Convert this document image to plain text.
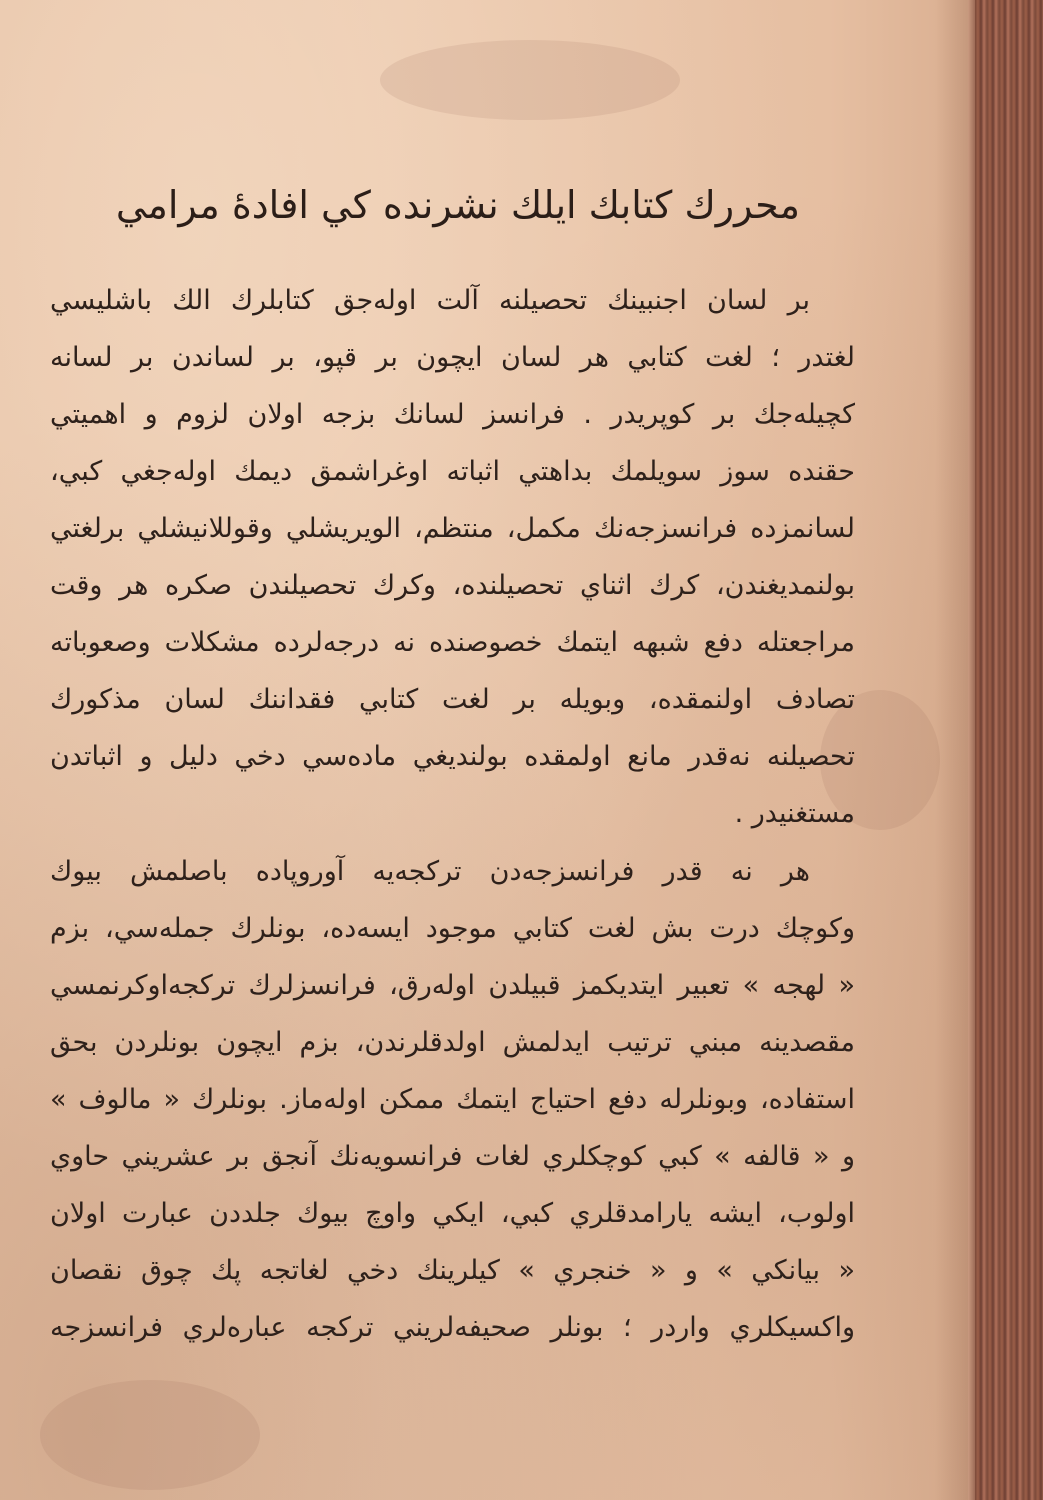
محررك كتابك ايلك نشرنده كي افادهٔ مرامي
بر لسان اجنبينك تحصيلنه آلت اوله‌جق كتابلرك الك باشليسي
لغتدر ؛ لغت كتابي هر لسان ايچون بر قپو، بر لساندن بر لسانه
كچيله‌جك بر كوپريدر . فرانسز لسانك بزجه اولان لزوم و اهميتي
حقنده سوز سويلمك بداهتي اثباته اوغراشمق ديمك اوله‌جغي كبي،
لسانمزده فرانسزجه‌نك مكمل، منتظم، الويريشلي وقوللانيشلي برلغتي
بولنمديغندن، كرك اثناي تحصيلنده، وكرك تحصيلندن صكره هر وقت
مراجعتله دفع شبهه ايتمك خصوصنده نه درجه‌لرده مشكلات وصعوباته
تصادف اولنمقده، وبويله بر لغت كتابي فقداننك لسان مذكورك
تحصيلنه نه‌قدر مانع اولمقده بولنديغي ماده‌سي دخي دليل و اثباتدن
مستغنيدر .
هر نه قدر فرانسزجه‌دن تركجه‌يه آوروپاده باصلمش بيوك
وكوچك درت بش لغت كتابي موجود ايسه‌ده، بونلرك جمله‌سي، بزم
« لهجه » تعبير ايتديكمز قبيلدن اوله‌رق، فرانسزلرك تركجه‌اوكرنمسي
مقصدينه مبني ترتيب ايدلمش اولدقلرندن، بزم ايچون بونلردن بحق
استفاده، وبونلرله دفع احتياج ايتمك ممكن اوله‌ماز. بونلرك « مالوف »
و « قالفه » كبي كوچكلري لغات فرانسويه‌نك آنجق بر عشريني حاوي
اولوب، ايشه يارامدقلري كبي، ايكي واوچ بيوك جلددن عبارت اولان
« بيانكي » و « خنجري » كيلرينك دخي لغاتجه پك چوق نقصان
واكسيكلري واردر ؛ بونلر صحيفه‌لريني تركجه عباره‌لري فرانسزجه
